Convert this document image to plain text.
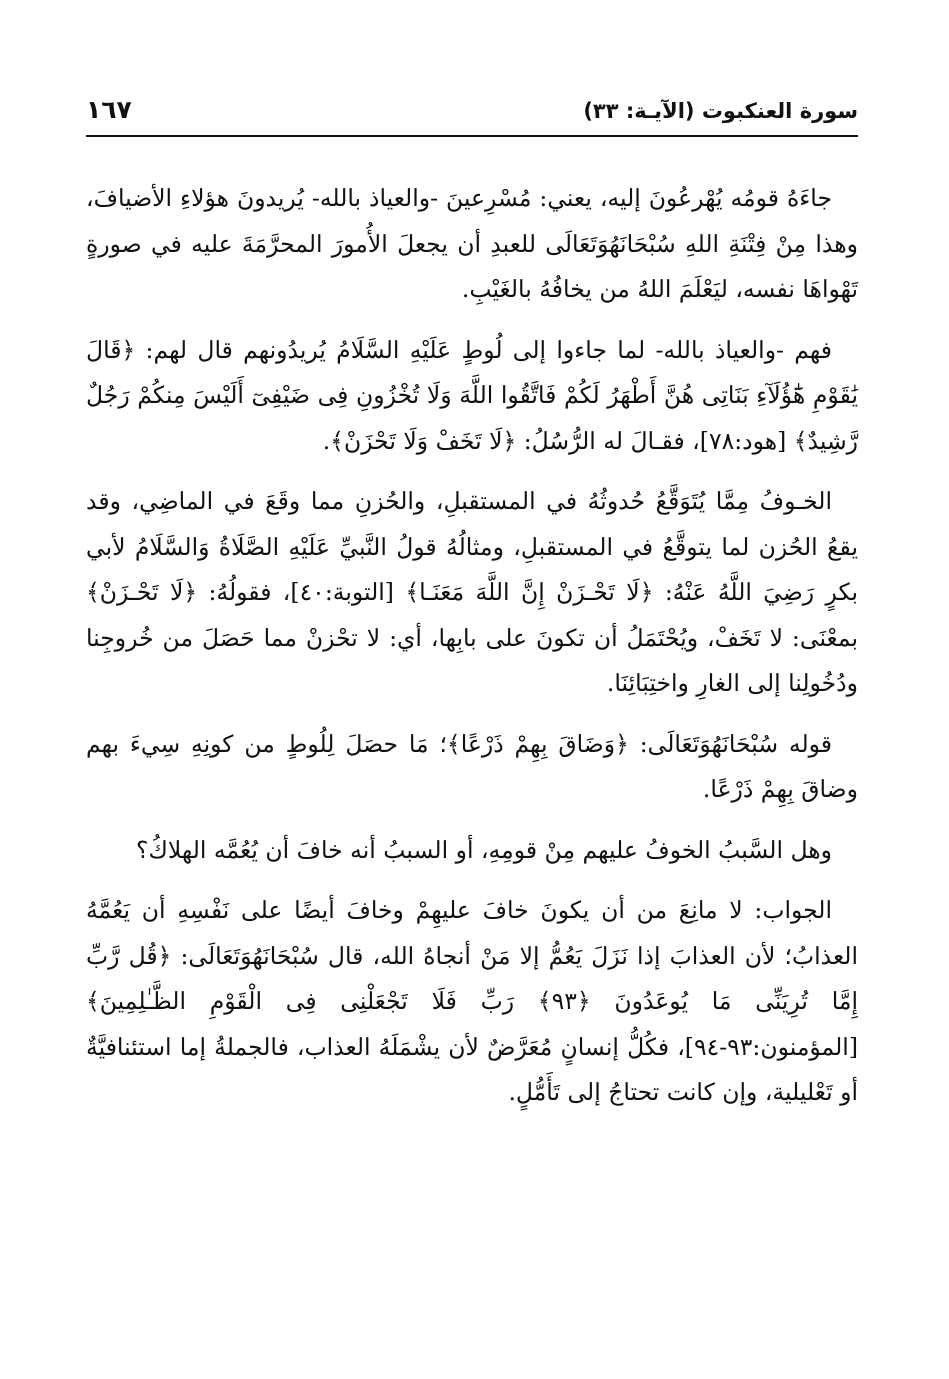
سورة العنكبوت (الآيـة: ٣٣)
١٦٧

جاءَهُ قومُه يُهْرعُونَ إليه، يعني: مُسْرِعينَ -والعياذ بالله- يُريدونَ هؤلاءِ الأضيافَ، وهذا مِنْ فِتْنَةِ اللهِ سُبْحَانَهُوَتَعَالَى للعبدِ أن يجعلَ الأُمورَ المحرَّمَةَ عليه في صورةٍ تَهْواهَا نفسه، ليَعْلَمَ اللهُ من يخافُهُ بالغَيْبِ.

فهم -والعياذ بالله- لما جاءوا إلى لُوطٍ عَلَيْهِ السَّلَامُ يُريدُونهم قال لهم: ﴿قَالَ يَٰقَوْمِ هَٰٓؤُلَآءِ بَنَاتِى هُنَّ أَطْهَرُ لَكُمْ فَاتَّقُوا اللَّهَ وَلَا تُخْزُونِ فِى ضَيْفِىٓ أَلَيْسَ مِنكُمْ رَجُلٌ رَّشِيدٌ﴾ [هود:٧٨]، فقـالَ له الرُّسُلُ: ﴿لَا تَخَفْ وَلَا تَحْزَنْ﴾.

الخـوفُ مِمَّا يُتَوَقَّعُ حُدوثُهُ في المستقبلِ، والحُزنِ مما وقَعَ في الماضِي، وقد يقعُ الحُزن لما يتوقَّعُ في المستقبلِ، ومثالُهُ قولُ النَّبيِّ عَلَيْهِ الصَّلَاةُ وَالسَّلَامُ لأبي بكرٍ رَضِيَ اللَّهُ عَنْهُ: ﴿لَا تَحْـزَنْ إِنَّ اللَّهَ مَعَنَـا﴾ [التوبة:٤٠]، فقولُهُ: ﴿لَا تَحْـزَنْ﴾ بمعْنَى: لا تَخَفْ، ويُحْتَمَلُ أن تكونَ على بابِها، أي: لا تحْزنْ مما حَصَلَ من خُروجِنا ودُخُولِنا إلى الغارِ واختِبَائِنَا.

قوله سُبْحَانَهُوَتَعَالَى: ﴿وَضَاقَ بِهِمْ ذَرْعًا﴾؛ مَا حصَلَ لِلُوطٍ من كونِهِ سِيءَ بهم وضاقَ بِهِمْ ذَرْعًا.

وهل السَّببُ الخوفُ عليهم مِنْ قومِهِ، أو السببُ أنه خافَ أن يُعُمَّه الهلاكُ؟

الجواب: لا مانِعَ من أن يكونَ خافَ عليهِمْ وخافَ أيضًا على نَفْسِهِ أن يَعُمَّهُ العذابُ؛ لأن العذابَ إذا نَزَلَ يَعُمُّ إلا مَنْ أنجاهُ الله، قال سُبْحَانَهُوَتَعَالَى: ﴿قُل رَّبِّ إِمَّا تُرِيَنِّى مَا يُوعَدُونَ ﴿٩٣﴾ رَبِّ فَلَا تَجْعَلْنِى فِى الْقَوْمِ الظَّـٰلِمِينَ﴾ [المؤمنون:٩٣-٩٤]، فكُلُّ إنسانٍ مُعَرَّضٌ لأن يشْمَلَهُ العذاب، فالجملةُ إما استئنافيَّةٌ أو تَعْليلية، وإن كانت تحتاجُ إلى تَأَمُّلٍ.
